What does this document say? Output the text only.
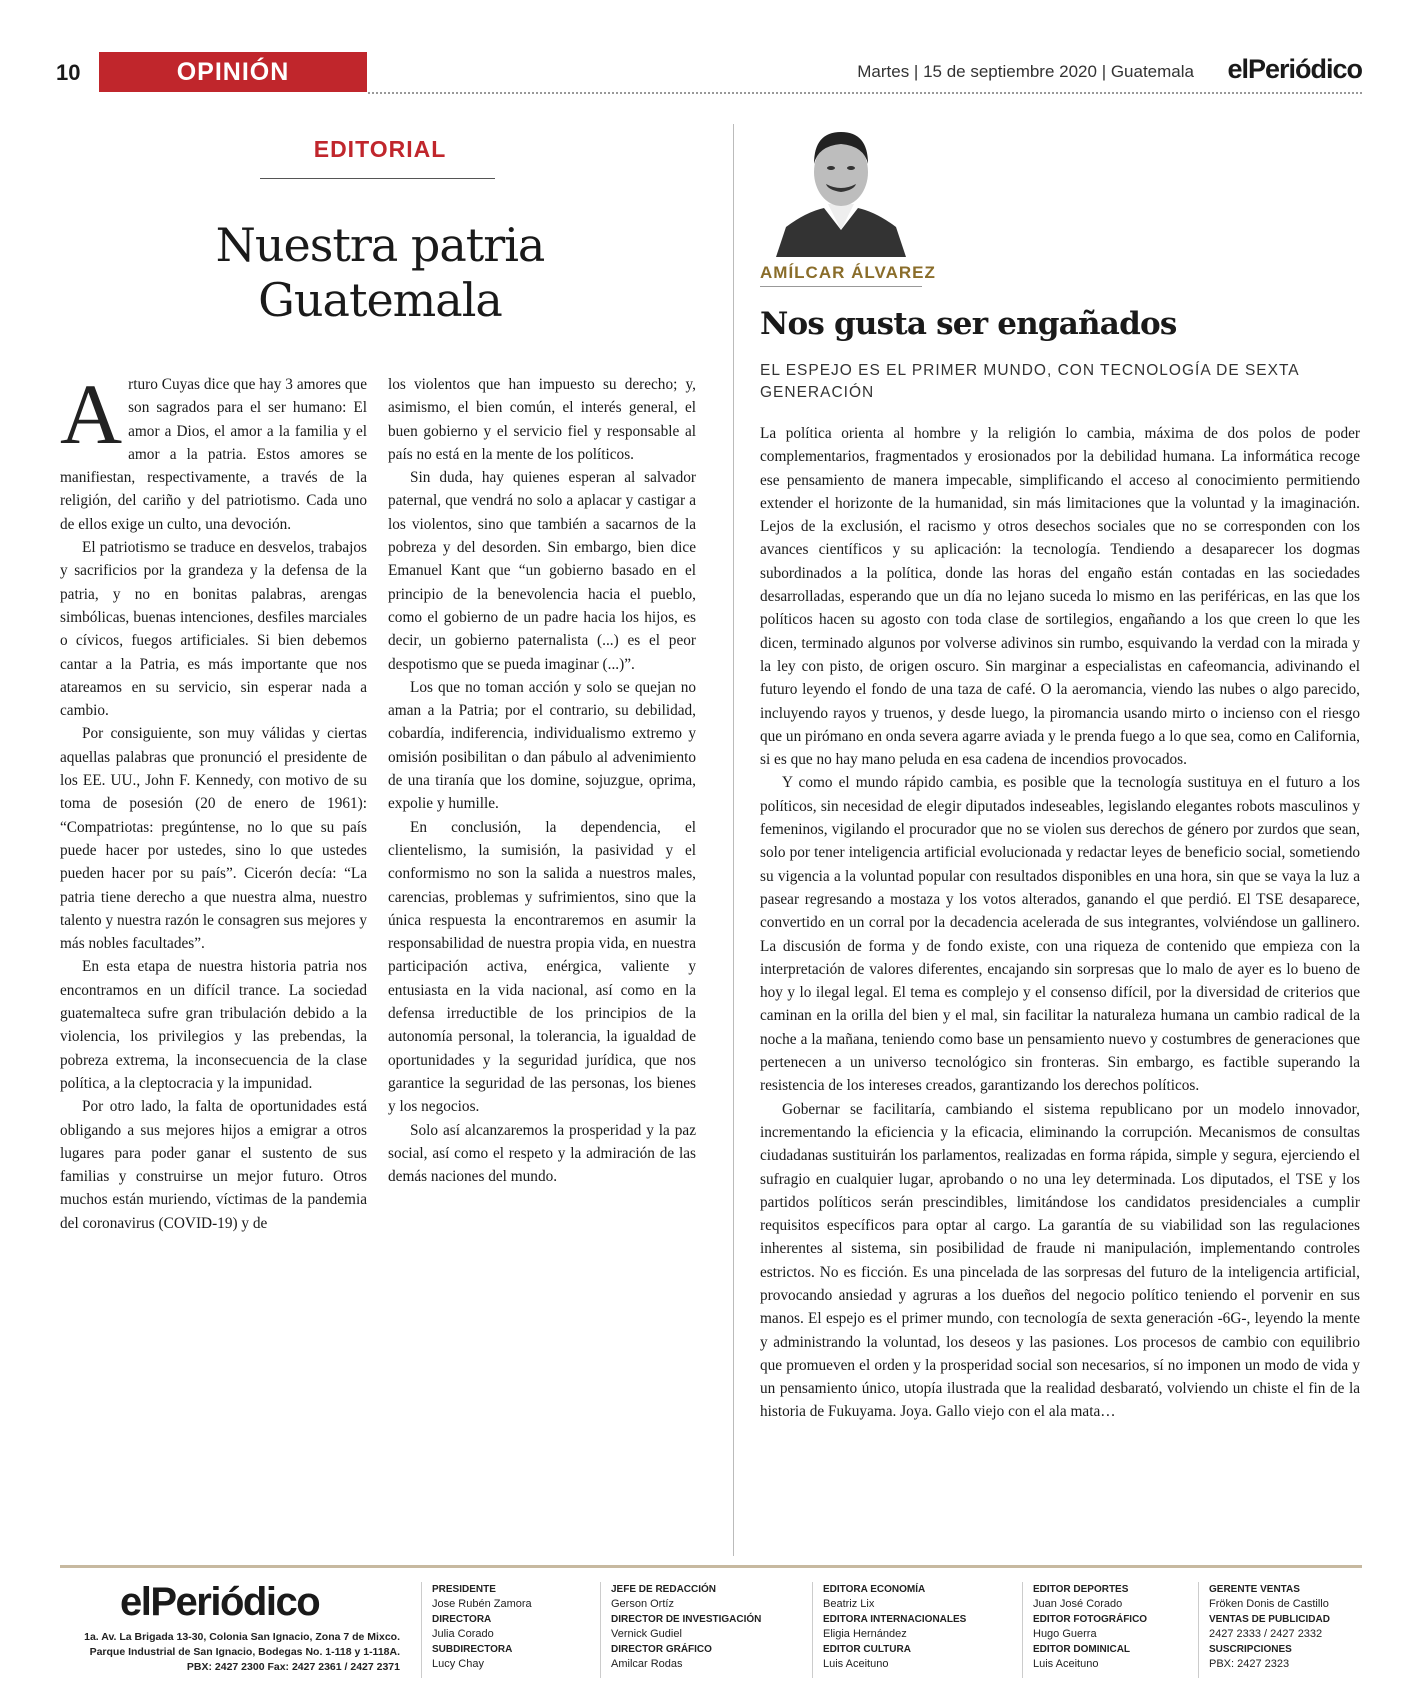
10	OPINIÓN	Martes | 15 de septiembre 2020 | Guatemala elPeriódico
EDITORIAL
Nuestra patria
Guatemala

Arturo Cuyas dice que hay 3 amores que son sagrados para el ser humano: El amor a Dios, el amor a la familia y el amor a la patria. Estos amores se manifiestan, respectivamente, a través de la religión, del cariño y del patriotismo. Cada uno de ellos exige un culto, una devoción.

El patriotismo se traduce en desvelos, trabajos y sacrificios por la grandeza y la defensa de la patria, y no en bonitas palabras, arengas simbólicas, buenas intenciones, desfiles marciales o cívicos, fuegos artificiales. Si bien debemos cantar a la Patria, es más importante que nos atareamos en su servicio, sin esperar nada a cambio.

Por consiguiente, son muy válidas y ciertas aquellas palabras que pronunció el presidente de los EE. UU., John F. Kennedy, con motivo de su toma de posesión (20 de enero de 1961): “Compatriotas: pregúntense, no lo que su país puede hacer por ustedes, sino lo que ustedes pueden hacer por su país”. Cicerón decía: “La patria tiene derecho a que nuestra alma, nuestro talento y nuestra razón le consagren sus mejores y más nobles facultades”.

En esta etapa de nuestra historia patria nos encontramos en un difícil trance. La sociedad guatemalteca sufre gran tribulación debido a la violencia, los privilegios y las prebendas, la pobreza extrema, la inconsecuencia de la clase política, a la cleptocracia y la impunidad.

Por otro lado, la falta de oportunidades está obligando a sus mejores hijos a emigrar a otros lugares para poder ganar el sustento de sus familias y construirse un mejor futuro. Otros muchos están muriendo, víctimas de la pandemia del coronavirus (COVID-19) y de

los violentos que han impuesto su derecho; y, asimismo, el bien común, el interés general, el buen gobierno y el servicio fiel y responsable al país no está en la mente de los políticos.

Sin duda, hay quienes esperan al salvador paternal, que vendrá no solo a aplacar y castigar a los violentos, sino que también a sacarnos de la pobreza y del desorden. Sin embargo, bien dice Emanuel Kant que “un gobierno basado en el principio de la benevolencia hacia el pueblo, como el gobierno de un padre hacia los hijos, es decir, un gobierno paternalista (...) es el peor despotismo que se pueda imaginar (...)”.

Los que no toman acción y solo se quejan no aman a la Patria; por el contrario, su debilidad, cobardía, indiferencia, individualismo extremo y omisión posibilitan o dan pábulo al advenimiento de una tiranía que los domine, sojuzgue, oprima, expolie y humille.

En conclusión, la dependencia, el clientelismo, la sumisión, la pasividad y el conformismo no son la salida a nuestros males, carencias, problemas y sufrimientos, sino que la única respuesta la encontraremos en asumir la responsabilidad de nuestra propia vida, en nuestra participación activa, enérgica, valiente y entusiasta en la vida nacional, así como en la defensa irreductible de los principios de la autonomía personal, la tolerancia, la igualdad de oportunidades y la seguridad jurídica, que nos garantice la seguridad de las personas, los bienes y los negocios.

Solo así alcanzaremos la prosperidad y la paz social, así como el respeto y la admiración de las demás naciones del mundo.

AMÍLCAR ÁLVAREZ
Nos gusta ser engañados
EL ESPEJO ES EL PRIMER MUNDO, CON TECNOLOGÍA DE SEXTA GENERACIÓN

La política orienta al hombre y la religión lo cambia, máxima de dos polos de poder complementarios, fragmentados y erosionados por la debilidad humana. La informática recoge ese pensamiento de manera impecable, simplificando el acceso al conocimiento permitiendo extender el horizonte de la humanidad, sin más limitaciones que la voluntad y la imaginación. Lejos de la exclusión, el racismo y otros desechos sociales que no se corresponden con los avances científicos y su aplicación: la tecnología. Tendiendo a desaparecer los dogmas subordinados a la política, donde las horas del engaño están contadas en las sociedades desarrolladas, esperando que un día no lejano suceda lo mismo en las periféricas, en las que los políticos hacen su agosto con toda clase de sortilegios, engañando a los que creen lo que les dicen, terminado algunos por volverse adivinos sin rumbo, esquivando la verdad con la mirada y la ley con pisto, de origen oscuro. Sin marginar a especialistas en cafeomancia, adivinando el futuro leyendo el fondo de una taza de café. O la aeromancia, viendo las nubes o algo parecido, incluyendo rayos y truenos, y desde luego, la piromancia usando mirto o incienso con el riesgo que un pirómano en onda severa agarre aviada y le prenda fuego a lo que sea, como en California, si es que no hay mano peluda en esa cadena de incendios provocados.

Y como el mundo rápido cambia, es posible que la tecnología sustituya en el futuro a los políticos, sin necesidad de elegir diputados indeseables, legislando elegantes robots masculinos y femeninos, vigilando el procurador que no se violen sus derechos de género por zurdos que sean, solo por tener inteligencia artificial evolucionada y redactar leyes de beneficio social, sometiendo su vigencia a la voluntad popular con resultados disponibles en una hora, sin que se vaya la luz a pasear regresando a mostaza y los votos alterados, ganando el que perdió. El TSE desaparece, convertido en un corral por la decadencia acelerada de sus integrantes, volviéndose un gallinero. La discusión de forma y de fondo existe, con una riqueza de contenido que empieza con la interpretación de valores diferentes, encajando sin sorpresas que lo malo de ayer es lo bueno de hoy y lo ilegal legal. El tema es complejo y el consenso difícil, por la diversidad de criterios que caminan en la orilla del bien y el mal, sin facilitar la naturaleza humana un cambio radical de la noche a la mañana, teniendo como base un pensamiento nuevo y costumbres de generaciones que pertenecen a un universo tecnológico sin fronteras. Sin embargo, es factible superando la resistencia de los intereses creados, garantizando los derechos políticos.

Gobernar se facilitaría, cambiando el sistema republicano por un modelo innovador, incrementando la eficiencia y la eficacia, eliminando la corrupción. Mecanismos de consultas ciudadanas sustituirán los parlamentos, realizadas en forma rápida, simple y segura, ejerciendo el sufragio en cualquier lugar, aprobando o no una ley determinada. Los diputados, el TSE y los partidos políticos serán prescindibles, limitándose los candidatos presidenciales a cumplir requisitos específicos para optar al cargo. La garantía de su viabilidad son las regulaciones inherentes al sistema, sin posibilidad de fraude ni manipulación, implementando controles estrictos. No es ficción. Es una pincelada de las sorpresas del futuro de la inteligencia artificial, provocando ansiedad y agruras a los dueños del negocio político teniendo el porvenir en sus manos. El espejo es el primer mundo, con tecnología de sexta generación -6G-, leyendo la mente y administrando la voluntad, los deseos y las pasiones. Los procesos de cambio con equilibrio que promueven el orden y la prosperidad social son necesarios, sí no imponen un modo de vida y un pensamiento único, utopía ilustrada que la realidad desbarató, volviendo un chiste el fin de la historia de Fukuyama. Joya. Gallo viejo con el ala mata…

elPeriódico
1a. Av. La Brigada 13-30, Colonia San Ignacio, Zona 7 de Mixco.
Parque Industrial de San Ignacio, Bodegas No. 1-118 y 1-118A.
PBX: 2427 2300 Fax: 2427 2361 / 2427 2371
PRESIDENTE
Jose Rubén Zamora
DIRECTORA
Julia Corado
SUBDIRECTORA
Lucy Chay
JEFE DE REDACCIÓN
Gerson Ortíz
DIRECTOR DE INVESTIGACIÓN
Vernick Gudiel
DIRECTOR GRÁFICO
Amilcar Rodas
EDITORA ECONOMÍA
Beatriz Lix
EDITORA INTERNACIONALES
Eligia Hernández
EDITOR CULTURA
Luis Aceituno
EDITOR DEPORTES
Juan José Corado
EDITOR FOTOGRÁFICO
Hugo Guerra
EDITOR DOMINICAL
Luis Aceituno
GERENTE VENTAS
Fröken Donis de Castillo
VENTAS DE PUBLICIDAD
2427 2333 / 2427 2332
SUSCRIPCIONES
PBX: 2427 2323
